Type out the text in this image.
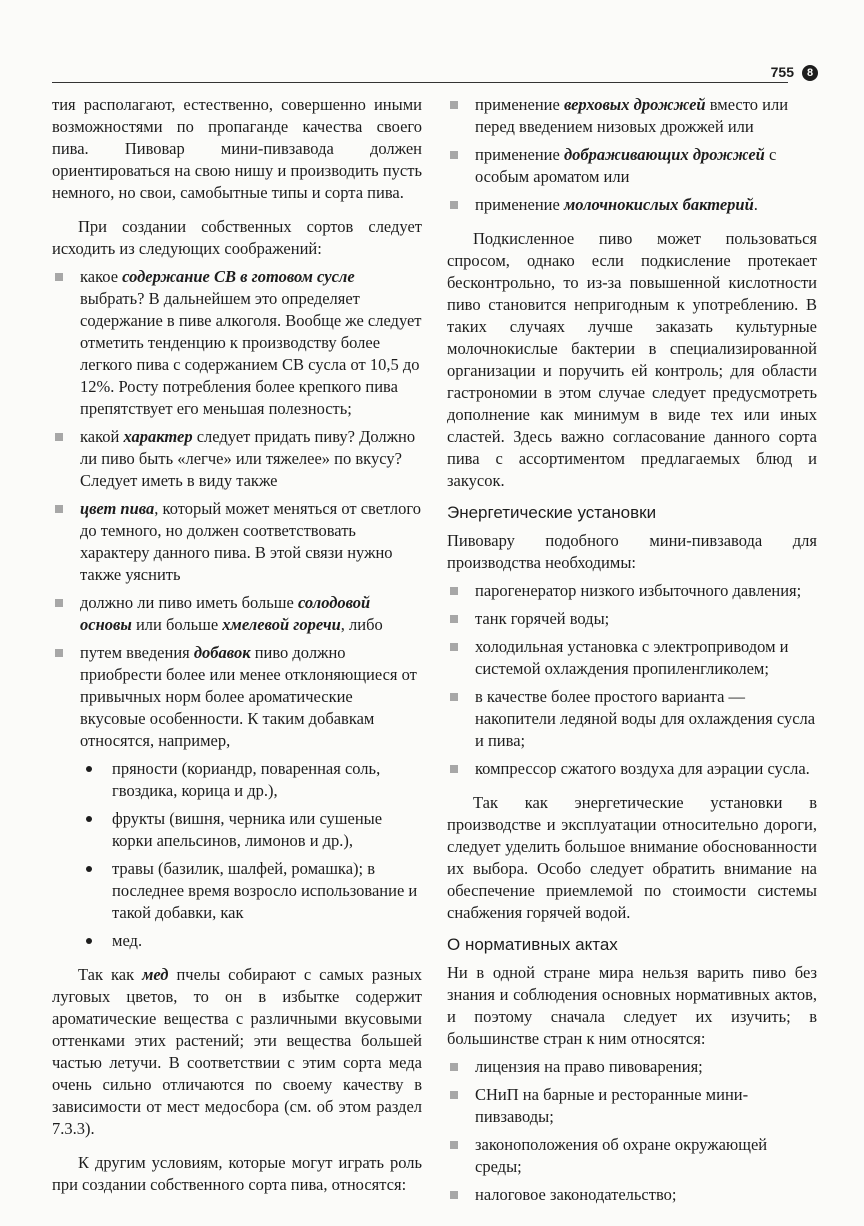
755	8

тия располагают, естественно, совершенно иными возможностями по пропаганде качества своего пива. Пивовар мини-пивзавода должен ориентироваться на свою нишу и производить пусть немного, но свои, самобытные типы и сорта пива.

При создании собственных сортов следует исходить из следующих соображений:

какое содержание СВ в готовом сусле выбрать? В дальнейшем это определяет содержание в пиве алкоголя. Вообще же следует отметить тенденцию к производству более легкого пива с содержанием СВ сусла от 10,5 до 12%. Росту потребления более крепкого пива препятствует его меньшая полезность;
какой характер следует придать пиву? Должно ли пиво быть «легче» или тяжелее» по вкусу? Следует иметь в виду также
цвет пива, который может меняться от светлого до темного, но должен соответствовать характеру данного пива. В этой связи нужно также уяснить
должно ли пиво иметь больше солодовой основы или больше хмелевой горечи, либо
путем введения добавок пиво должно приобрести более или менее отклоняющиеся от привычных норм более ароматические вкусовые особенности. К таким добавкам относятся, например,
пряности (кориандр, поваренная соль, гвоздика, корица и др.),
фрукты (вишня, черника или сушеные корки апельсинов, лимонов и др.),
травы (базилик, шалфей, ромашка); в последнее время возросло использование и такой добавки, как
мед.

Так как мед пчелы собирают с самых разных луговых цветов, то он в избытке содержит ароматические вещества с различными вкусовыми оттенками этих растений; эти вещества большей частью летучи. В соответствии с этим сорта меда очень сильно отличаются по своему качеству в зависимости от мест медосбора (см. об этом раздел 7.3.3).

К другим условиям, которые могут играть роль при создании собственного сорта пива, относятся:

применение верховых дрожжей вместо или перед введением низовых дрожжей или
применение дображивающих дрожжей с особым ароматом или
применение молочнокислых бактерий.

Подкисленное пиво может пользоваться спросом, однако если подкисление протекает бесконтрольно, то из-за повышенной кислотности пиво становится непригодным к употреблению. В таких случаях лучше заказать культурные молочнокислые бактерии в специализированной организации и поручить ей контроль; для области гастрономии в этом случае следует предусмотреть дополнение как минимум в виде тех или иных сластей. Здесь важно согласование данного сорта пива с ассортиментом предлагаемых блюд и закусок.

Энергетические установки

Пивовару подобного мини-пивзавода для производства необходимы:

парогенератор низкого избыточного давления;
танк горячей воды;
холодильная установка с электроприводом и системой охлаждения пропиленгликолем;
в качестве более простого варианта — накопители ледяной воды для охлаждения сусла и пива;
компрессор сжатого воздуха для аэрации сусла.

Так как энергетические установки в производстве и эксплуатации относительно дороги, следует уделить большое внимание обоснованности их выбора. Особо следует обратить внимание на обеспечение приемлемой по стоимости системы снабжения горячей водой.

О нормативных актах

Ни в одной стране мира нельзя варить пиво без знания и соблюдения основных нормативных актов, и поэтому сначала следует их изучить; в большинстве стран к ним относятся:

лицензия на право пивоварения;
СНиП на барные и ресторанные мини-пивзаводы;
законоположения об охране окружающей среды;
налоговое законодательство;
